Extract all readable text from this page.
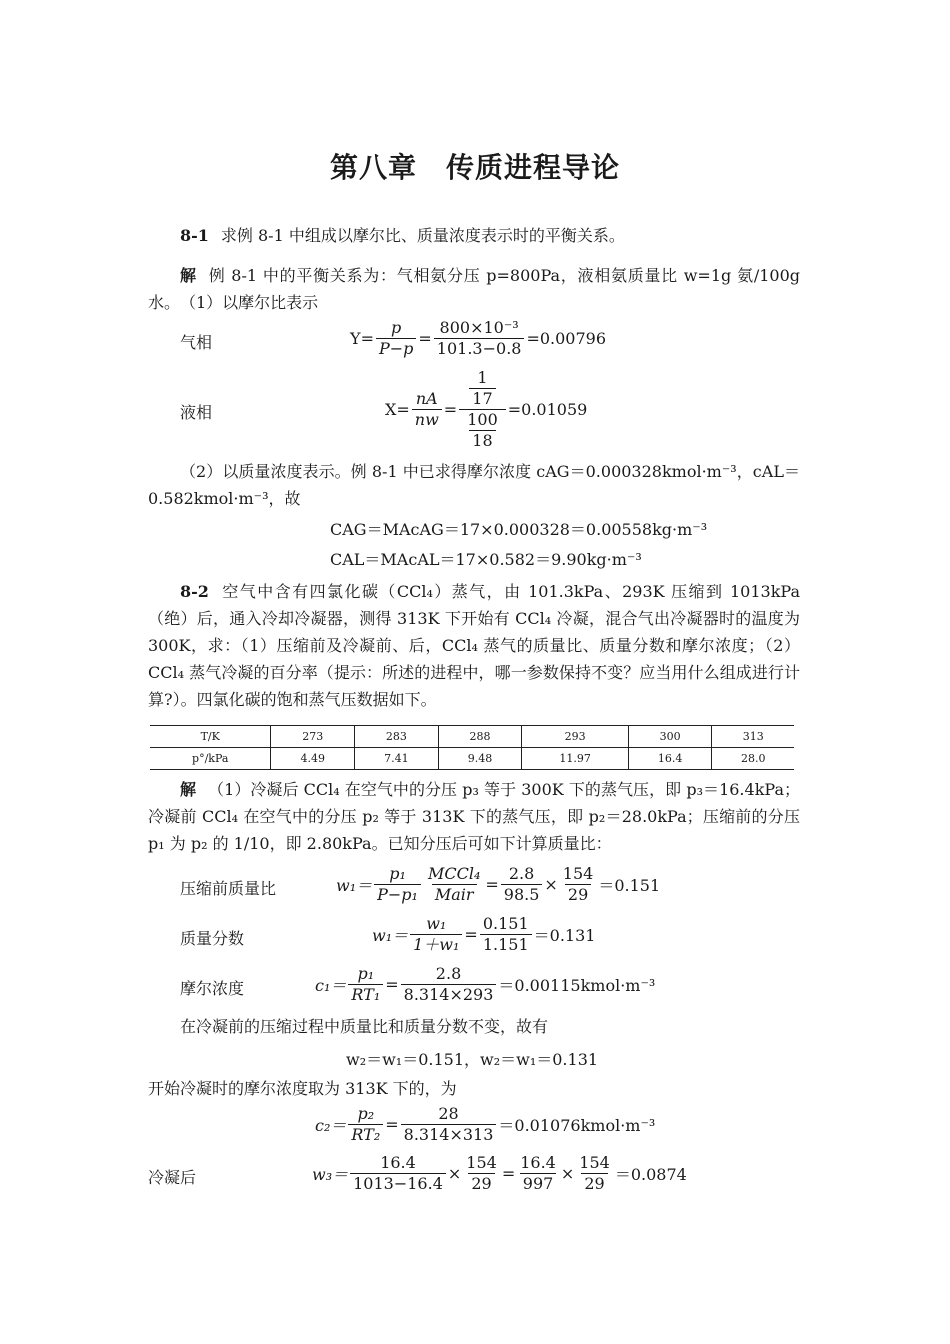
第八章　传质进程导论
8-1 求例 8-1 中组成以摩尔比、质量浓度表示时的平衡关系。
解 例 8-1 中的平衡关系为：气相氨分压 p=800Pa，液相氨质量比 w=1g 氨/100g 水。 （1）以摩尔比表示
气相	$Y= \frac{p}{P-p} = \frac{\text{800×10⁻³}}{101.3-0.8} =0.00796$
液相	$X= \frac{nA}{nw} = \frac{\frac{1}{17}}{\frac{100}{18}} =0.01059$
（2）以质量浓度表示。例 8-1 中已求得摩尔浓度 cAG＝0.000328kmol·m⁻³，cAL＝0.582kmol·m⁻³，故
CAG＝MAcAG＝17×0.000328＝0.00558kg·m⁻³
CAL＝MAcAL＝17×0.582＝9.90kg·m⁻³
8-2 空气中含有四氯化碳（CCl₄）蒸气，由 101.3kPa、293K 压缩到 1013kPa（绝）后，通入冷却冷凝器，测得 313K 下开始有 CCl₄ 冷凝，混合气出冷凝器时的温度为 300K，求：（1）压缩前及冷凝前、后，CCl₄ 蒸气的质量比、质量分数和摩尔浓度；（2）CCl₄ 蒸气冷凝的百分率（提示：所述的进程中，哪一参数保持不变？应当用什么组成进行计算?）。四氯化碳的饱和蒸气压数据如下。
T/K	273	283	288	293	300	313
p°/kPa	4.49	7.41	9.48	11.97	16.4	28.0
解 （1）冷凝后 CCl₄ 在空气中的分压 p₃ 等于 300K 下的蒸气压，即 p₃＝16.4kPa；冷凝前 CCl₄ 在空气中的分压 p₂ 等于 313K 下的蒸气压，即 p₂＝28.0kPa；压缩前的分压 p₁ 为 p₂ 的 1/10，即 2.80kPa。已知分压后可如下计算质量比：
压缩前质量比	$w_1= \frac{\text{p₁}}{\text{P−p₁}} \frac{\text{MCCl₄}}{\text{Mair}} = \frac{2.8}{98.5} \times \frac{154}{29} =0.151$
质量分数	$w_1= \frac{\text{w₁}}{\text{1＋w₁}} = \frac{0.151}{1.151} =0.131$
摩尔浓度	$c_1= \frac{\text{p₁}}{\text{RT₁}} = \frac{2.8}{8.314\times 293}$ ＝0.00115kmol·m⁻³
在冷凝前的压缩过程中质量比和质量分数不变，故有
w₂＝w₁＝0.151，w₂＝w₁＝0.131
开始冷凝时的摩尔浓度取为 313K 下的，为
$c_2= \frac{\text{p₂}}{\text{RT₂}} = \frac{28}{8.314\times 313}$ ＝0.01076kmol·m⁻³
冷凝后	$w_3= \frac{16.4}{1013-16.4} \times \frac{154}{29} = \frac{16.4}{997} \times \frac{154}{29} =0.0874$
